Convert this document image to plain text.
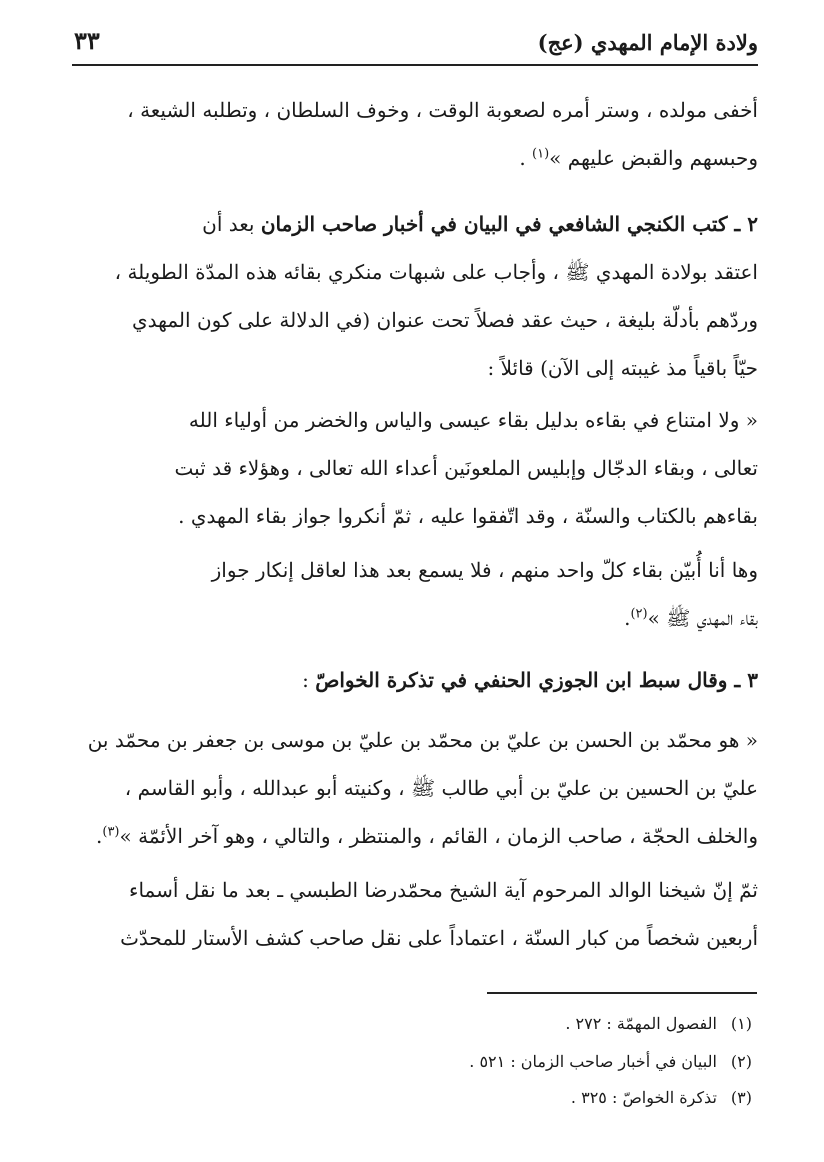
ولادة الإمام المهدي (عج)
٣٣

أخفى مولده ، وستر أمره لصعوبة الوقت ، وخوف السلطان ، وتطلبه الشيعة ،
وحبسهم والقبض عليهم »$^{(١)}$ .

٢ ـ كتب الكنجي الشافعي في البيان في أخبار صاحب الزمان بعد أن
اعتقد بولادة المهدي ﷺ ، وأجاب على شبهات منكري بقائه هذه المدّة الطويلة ،
وردّهم بأدلّة بليغة ، حيث عقد فصلاً تحت عنوان (في الدلالة على كون المهدي
حيّاً باقياً مذ غيبته إلى الآن) قائلاً :

« ولا امتناع في بقاءه بدليل بقاء عيسى والياس والخضر من أولياء الله
تعالى ، وبقاء الدجّال وإبليس الملعونَين أعداء الله تعالى ، وهؤلاء قد ثبت
بقاءهم بالكتاب والسنّة ، وقد اتّفقوا عليه ، ثمّ أنكروا جواز بقاء المهدي .

وها أنا أُبيّن بقاء كلّ واحد منهم ، فلا يسمع بعد هذا لعاقل إنكار جواز
بقاء المهدي ﷺ »$^{(٢)}$.

٣ ـ وقال سبط ابن الجوزي الحنفي في تذكرة الخواصّ :

« هو محمّد بن الحسن بن عليّ بن محمّد بن عليّ بن موسى بن جعفر بن محمّد بن
عليّ بن الحسين بن عليّ بن أبي طالب ﷺ ، وكنيته أبو عبدالله ، وأبو القاسم ،
والخلف الحجّة ، صاحب الزمان ، القائم ، والمنتظر ، والتالي ، وهو آخر الأئمّة »$^{(٣)}$.

ثمّ إنّ شيخنا الوالد المرحوم آية الشيخ محمّدرضا الطبسي ـ بعد ما نقل أسماء
أربعين شخصاً من كبار السنّة ، اعتماداً على نقل صاحب كشف الأستار للمحدّث

(١) الفصول المهمّة : ٢٧٢ .
(٢) البيان في أخبار صاحب الزمان : ٥٢١ .
(٣) تذكرة الخواصّ : ٣٢٥ .
